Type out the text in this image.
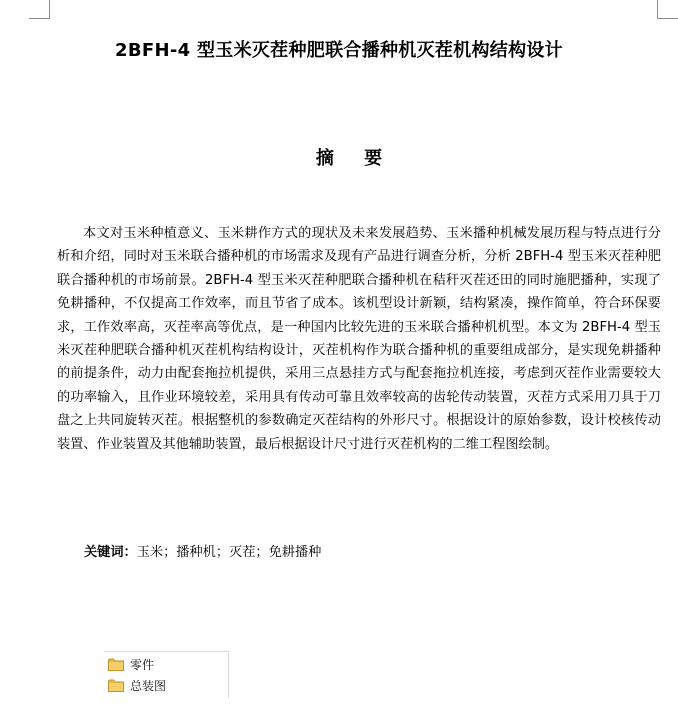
2BFH-4 型玉米灭茬种肥联合播种机灭茬机构结构设计
摘 要

本文对玉米种植意义、玉米耕作方式的现状及未来发展趋势、玉米播种机械发展历程与特点进行分析和介绍，同时对玉米联合播种机的市场需求及现有产品进行调查分析，分析 2BFH-4 型玉米灭茬种肥联合播种机的市场前景。2BFH-4 型玉米灭茬种肥联合播种机在秸秆灭茬还田的同时施肥播种，实现了免耕播种，不仅提高工作效率，而且节省了成本。该机型设计新颖，结构紧凑，操作简单，符合环保要求，工作效率高，灭茬率高等优点，是一种国内比较先进的玉米联合播种机机型。本文为 2BFH-4 型玉米灭茬种肥联合播种机灭茬机构结构设计，灭茬机构作为联合播种机的重要组成部分，是实现免耕播种的前提条件，动力由配套拖拉机提供，采用三点悬挂方式与配套拖拉机连接，考虑到灭茬作业需要较大的功率输入，且作业环境较差，采用具有传动可靠且效率较高的齿轮传动装置，灭茬方式采用刀具于刀盘之上共同旋转灭茬。根据整机的参数确定灭茬结构的外形尺寸。根据设计的原始参数，设计校核传动装置、作业装置及其他辅助装置，最后根据设计尺寸进行灭茬机构的二维工程图绘制。

关键词：玉米；播种机；灭茬；免耕播种
零件
总装图
